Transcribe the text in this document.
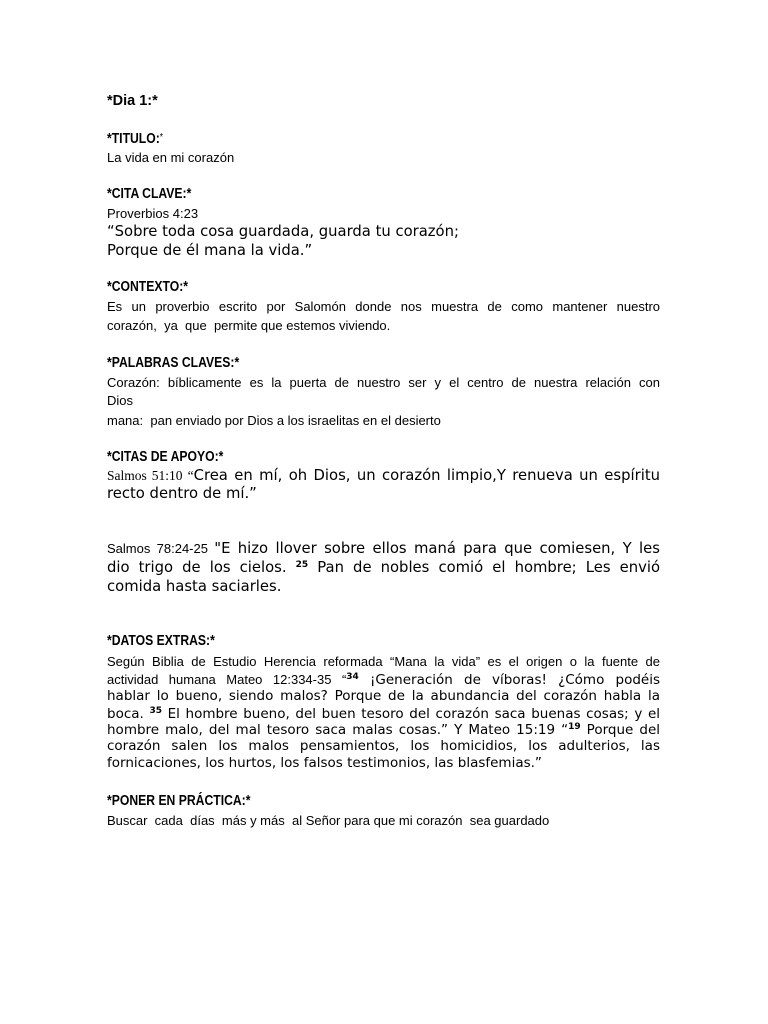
*Dia 1:*
*TITULO:*
La vida en mi corazón
*CITA CLAVE:*
Proverbios 4:23
“Sobre toda cosa guardada, guarda tu corazón;
Porque de él mana la vida.”
*CONTEXTO:*
Es un proverbio escrito por Salomón donde nos muestra de como mantener nuestro
corazón,  ya  que  permite que estemos viviendo.
*PALABRAS CLAVES:*
Corazón: bíblicamente es la puerta de nuestro ser y el centro de nuestra relación con
Dios
mana:  pan enviado por Dios a los israelitas en el desierto
*CITAS DE APOYO:*
Salmos 51:10 “Crea en mí, oh Dios, un corazón limpio,Y renueva un espíritu
recto dentro de mí.”
Salmos 78:24-25 "E hizo llover sobre ellos maná para que comiesen, Y les
dio trigo de los cielos. $^{25}$ Pan de nobles comió el hombre; Les envió
comida hasta saciarles.
*DATOS EXTRAS:*
Según Biblia de Estudio Herencia reformada “Mana la vida” es el origen o la fuente de
actividad humana Mateo 12:334-35 “$^{34}$ ¡Generación de víboras! ¿Cómo podéis
hablar lo bueno, siendo malos? Porque de la abundancia del corazón habla la
boca. $^{35}$ El hombre bueno, del buen tesoro del corazón saca buenas cosas; y el
hombre malo, del mal tesoro saca malas cosas.” Y Mateo 15:19 “$^{19}$ Porque del
corazón salen los malos pensamientos, los homicidios, los adulterios, las
fornicaciones, los hurtos, los falsos testimonios, las blasfemias.”
*PONER EN PRÁCTICA:*
Buscar  cada  días  más y más  al Señor para que mi corazón  sea guardado
